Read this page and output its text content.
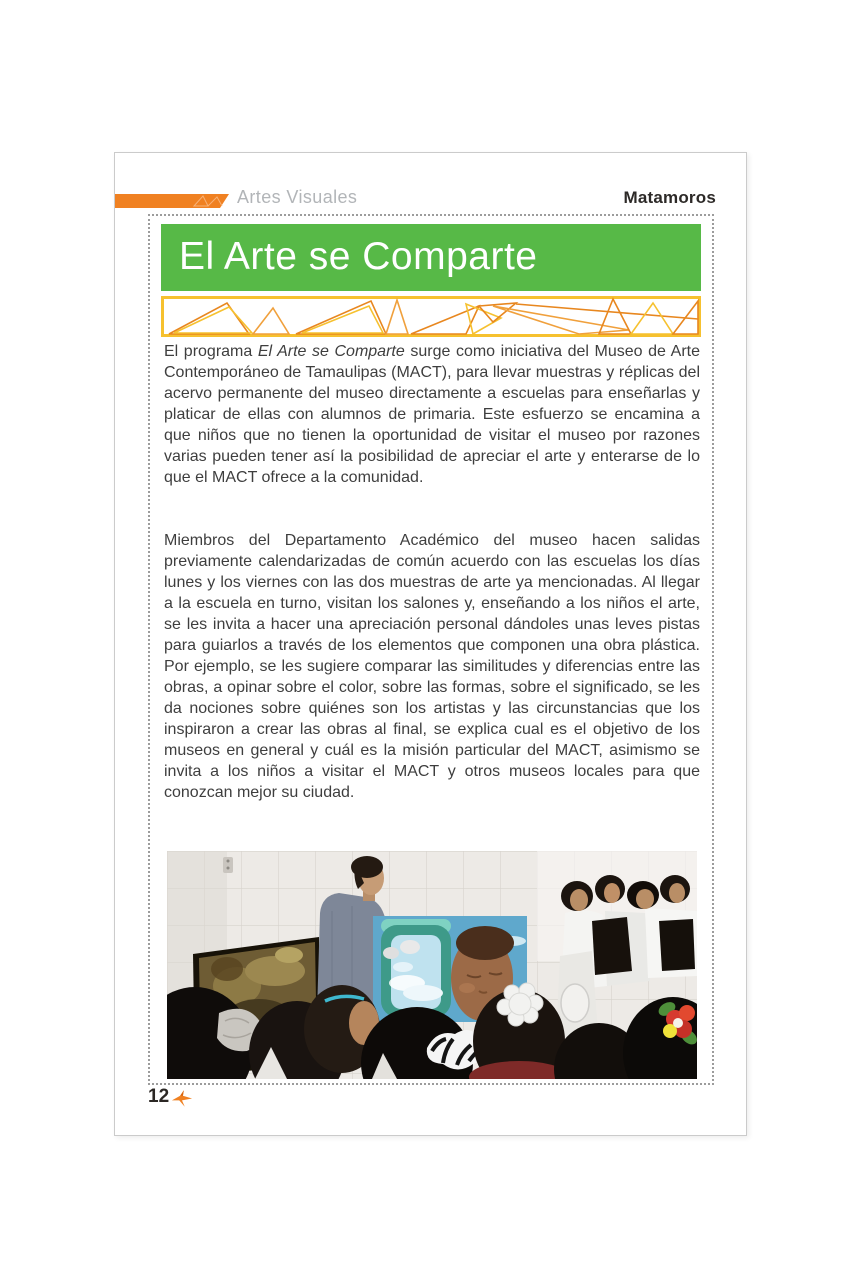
Artes Visuales	Matamoros
El Arte se Comparte

El programa El Arte se Comparte surge como iniciativa del Museo de Arte Contemporáneo de Tamaulipas (MACT), para llevar muestras y réplicas del acervo permanente del museo directamente a escuelas para enseñarlas y platicar de ellas con alumnos de primaria. Este esfuerzo se encamina a que niños que no tienen la oportunidad de visitar el museo por razones varias pueden tener así la posibilidad de apreciar el arte y enterarse de lo que el MACT ofrece a la comunidad.

Miembros del Departamento Académico del museo hacen salidas previamente calendarizadas de común acuerdo con las escuelas los días lunes y los viernes con las dos muestras de arte ya mencionadas. Al llegar a la escuela en turno, visitan los salones y, enseñando a los niños el arte, se les invita a hacer una apreciación personal dándoles unas leves pistas para guiarlos a través de los elementos que componen una obra plástica. Por ejemplo, se les sugiere comparar las similitudes y diferencias entre las obras, a opinar sobre el color, sobre las formas, sobre el significado, se les da nociones sobre quiénes son los artistas y las circunstancias que los inspiraron a crear las obras al final, se explica cual es el objetivo de los museos en general y cuál es la misión particular del MACT, asimismo se invita a los niños a visitar el MACT y otros museos locales para que conozcan mejor su ciudad.

12
